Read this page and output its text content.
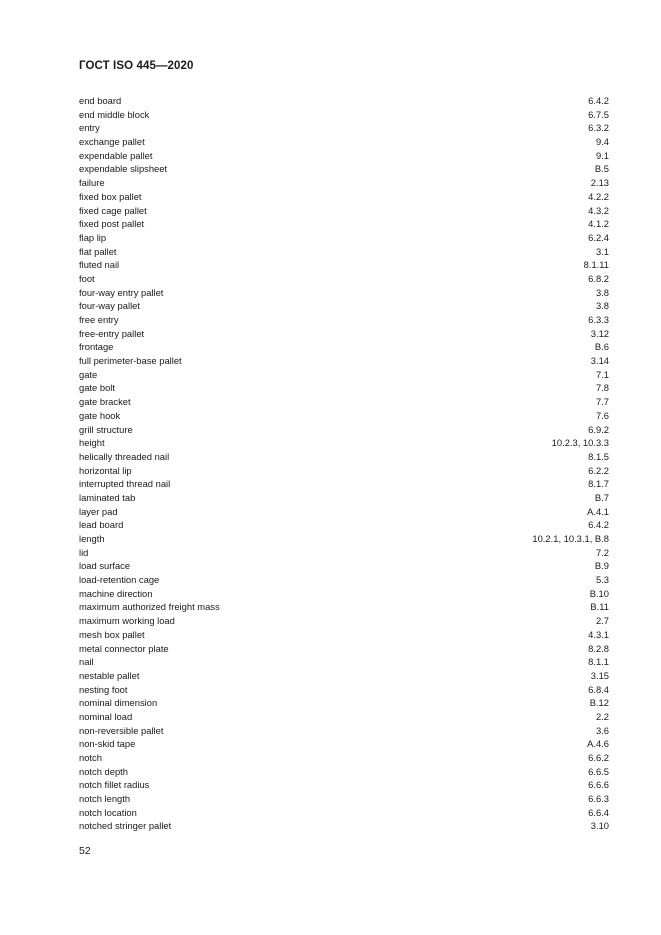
ГОСТ ISO 445—2020
end board	6.4.2
end middle block	6.7.5
entry	6.3.2
exchange pallet	9.4
expendable pallet	9.1
expendable slipsheet	B.5
failure	2.13
fixed box pallet	4.2.2
fixed cage pallet	4.3.2
fixed post pallet	4.1.2
flap lip	6.2.4
flat pallet	3.1
fluted nail	8.1.11
foot	6.8.2
four-way entry pallet	3.8
four-way pallet	3.8
free entry	6.3.3
free-entry pallet	3.12
frontage	B.6
full perimeter-base pallet	3.14
gate	7.1
gate bolt	7.8
gate bracket	7.7
gate hook	7.6
grill structure	6.9.2
height	10.2.3, 10.3.3
helically threaded nail	8.1.5
horizontal lip	6.2.2
interrupted thread nail	8.1.7
laminated tab	B.7
layer pad	A.4.1
lead board	6.4.2
length	10.2.1, 10.3.1, B.8
lid	7.2
load surface	B.9
load-retention cage	5.3
machine direction	B.10
maximum authorized freight mass	B.11
maximum working load	2.7
mesh box pallet	4.3.1
metal connector plate	8.2.8
nail	8.1.1
nestable pallet	3.15
nesting foot	6.8.4
nominal dimension	B.12
nominal load	2.2
non-reversible pallet	3.6
non-skid tape	A.4.6
notch	6.6.2
notch depth	6.6.5
notch fillet radius	6.6.6
notch length	6.6.3
notch location	6.6.4
notched stringer pallet	3.10
52
